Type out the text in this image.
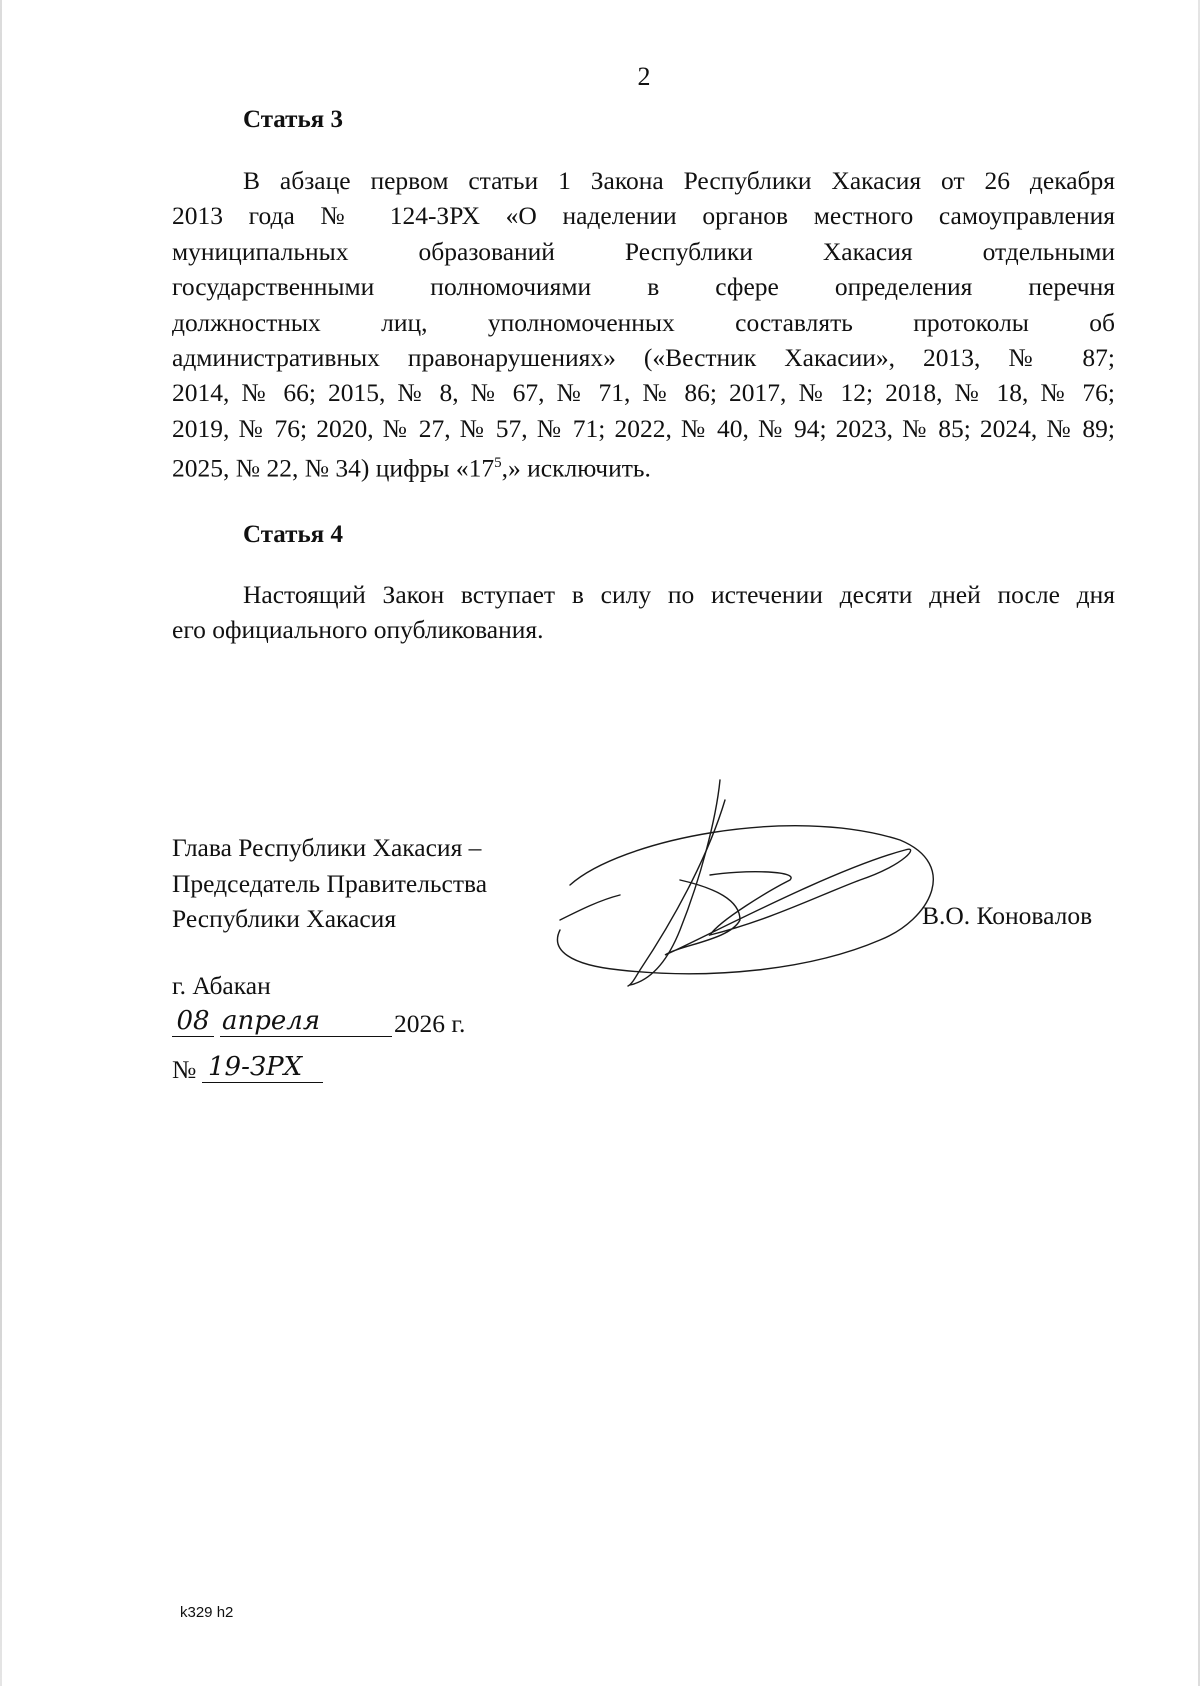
2
Статья 3
В абзаце первом статьи 1 Закона Республики Хакасия от 26 декабря
2013 года № 124-ЗРХ «О наделении органов местного самоуправления
муниципальных образований Республики Хакасия отдельными
государственными полномочиями в сфере определения перечня
должностных лиц, уполномоченных составлять протоколы об
административных правонарушениях» («Вестник Хакасии», 2013, № 87;
2014, № 66; 2015, № 8, № 67, № 71, № 86; 2017, № 12; 2018, № 18, № 76;
2019, № 76; 2020, № 27, № 57, № 71; 2022, № 40, № 94; 2023, № 85; 2024, № 89;
2025, № 22, № 34) цифры «$17^5$,» исключить.
Статья 4
Настоящий Закон вступает в силу по истечении десяти дней после дня
его официального опубликования.
Глава Республики Хакасия –
Председатель Правительства
Республики Хакасия	В.О. Коновалов
г. Абакан
08 апреля	2026 г.
№ 19-ЗРХ
k329 h2
